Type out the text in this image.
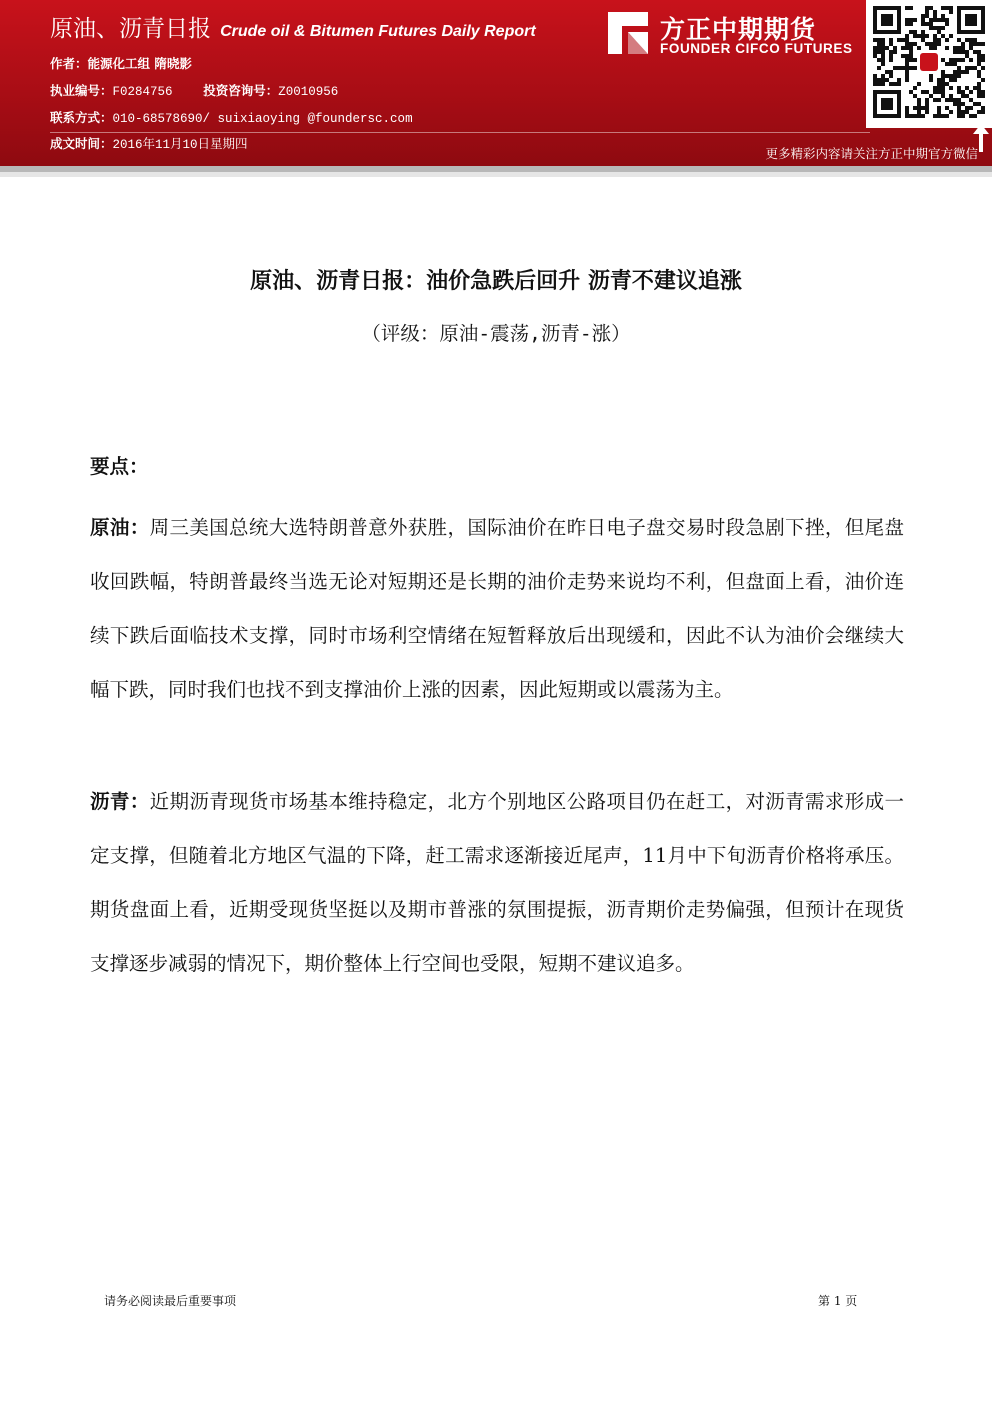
原油、沥青日报 Crude oil & Bitumen Futures Daily Report
作者：能源化工组 隋晓影
执业编号：F0284756 投资咨询号：Z0010956
联系方式：010-68578690/ suixiaoying @foundersc.com
成文时间：2016年11月10日星期四
方正中期期货
FOUNDER CIFCO FUTURES
更多精彩内容请关注方正中期官方微信
原油、沥青日报：油价急跌后回升 沥青不建议追涨
（评级：原油-震荡,沥青-涨）
要点：

原油：周三美国总统大选特朗普意外获胜，国际油价在昨日电子盘交易时段急剧下挫，但尾盘收回跌幅，特朗普最终当选无论对短期还是长期的油价走势来说均不利，但盘面上看，油价连续下跌后面临技术支撑，同时市场利空情绪在短暂释放后出现缓和，因此不认为油价会继续大幅下跌，同时我们也找不到支撑油价上涨的因素，因此短期或以震荡为主。

沥青：近期沥青现货市场基本维持稳定，北方个别地区公路项目仍在赶工，对沥青需求形成一定支撑，但随着北方地区气温的下降，赶工需求逐渐接近尾声，11月中下旬沥青价格将承压。期货盘面上看，近期受现货坚挺以及期市普涨的氛围提振，沥青期价走势偏强，但预计在现货支撑逐步减弱的情况下，期价整体上行空间也受限，短期不建议追多。

请务必阅读最后重要事项	第 1 页
